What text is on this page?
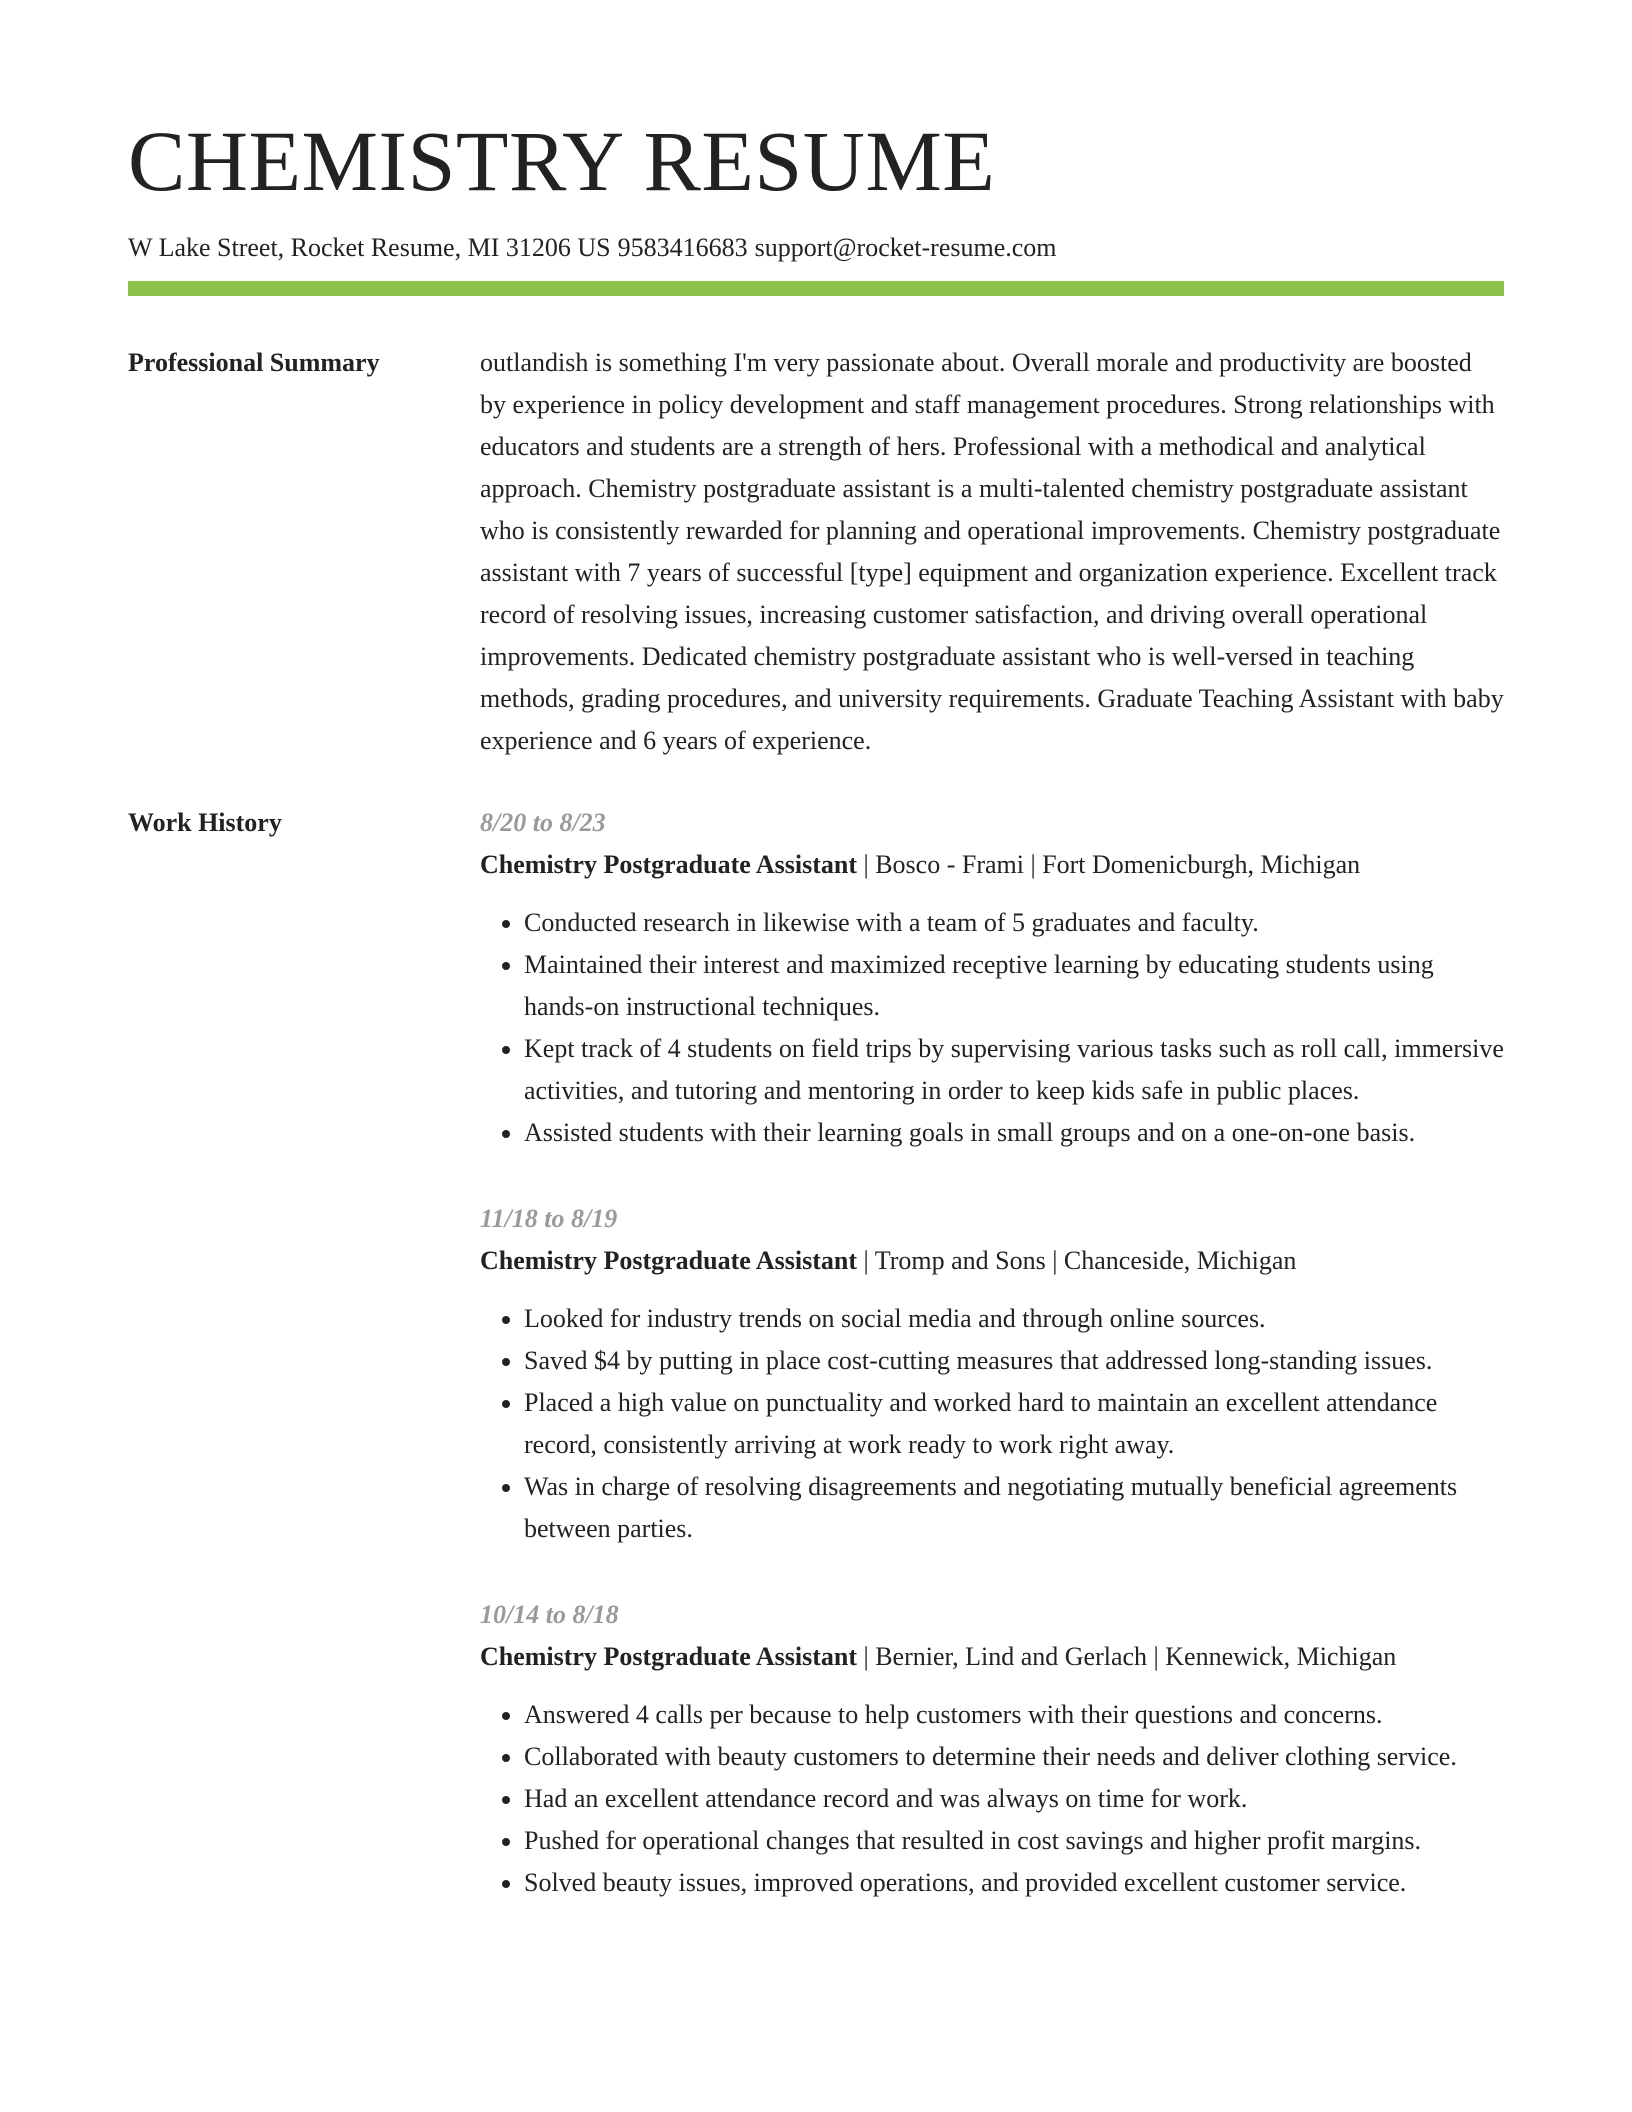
CHEMISTRY RESUME
W Lake Street, Rocket Resume, MI 31206 US 9583416683 support@rocket-resume.com
Professional Summary	outlandish is something I'm very passionate about. Overall morale and productivity are boosted by experience in policy development and staff management procedures. Strong relationships with educators and students are a strength of hers. Professional with a methodical and analytical approach. Chemistry postgraduate assistant is a multi-talented chemistry postgraduate assistant who is consistently rewarded for planning and operational improvements. Chemistry postgraduate assistant with 7 years of successful [type] equipment and organization experience. Excellent track record of resolving issues, increasing customer satisfaction, and driving overall operational improvements. Dedicated chemistry postgraduate assistant who is well-versed in teaching methods, grading procedures, and university requirements. Graduate Teaching Assistant with baby experience and 6 years of experience.

Work History	8/20 to 8/23
Chemistry Postgraduate Assistant | Bosco - Frami | Fort Domenicburgh, Michigan
• Conducted research in likewise with a team of 5 graduates and faculty.
• Maintained their interest and maximized receptive learning by educating students using hands-on instructional techniques.
• Kept track of 4 students on field trips by supervising various tasks such as roll call, immersive activities, and tutoring and mentoring in order to keep kids safe in public places.
• Assisted students with their learning goals in small groups and on a one-on-one basis.
11/18 to 8/19
Chemistry Postgraduate Assistant | Tromp and Sons | Chanceside, Michigan
• Looked for industry trends on social media and through online sources.
• Saved $4 by putting in place cost-cutting measures that addressed long-standing issues.
• Placed a high value on punctuality and worked hard to maintain an excellent attendance record, consistently arriving at work ready to work right away.
• Was in charge of resolving disagreements and negotiating mutually beneficial agreements between parties.
10/14 to 8/18
Chemistry Postgraduate Assistant | Bernier, Lind and Gerlach | Kennewick, Michigan
• Answered 4 calls per because to help customers with their questions and concerns.
• Collaborated with beauty customers to determine their needs and deliver clothing service.
• Had an excellent attendance record and was always on time for work.
• Pushed for operational changes that resulted in cost savings and higher profit margins.
• Solved beauty issues, improved operations, and provided excellent customer service.
